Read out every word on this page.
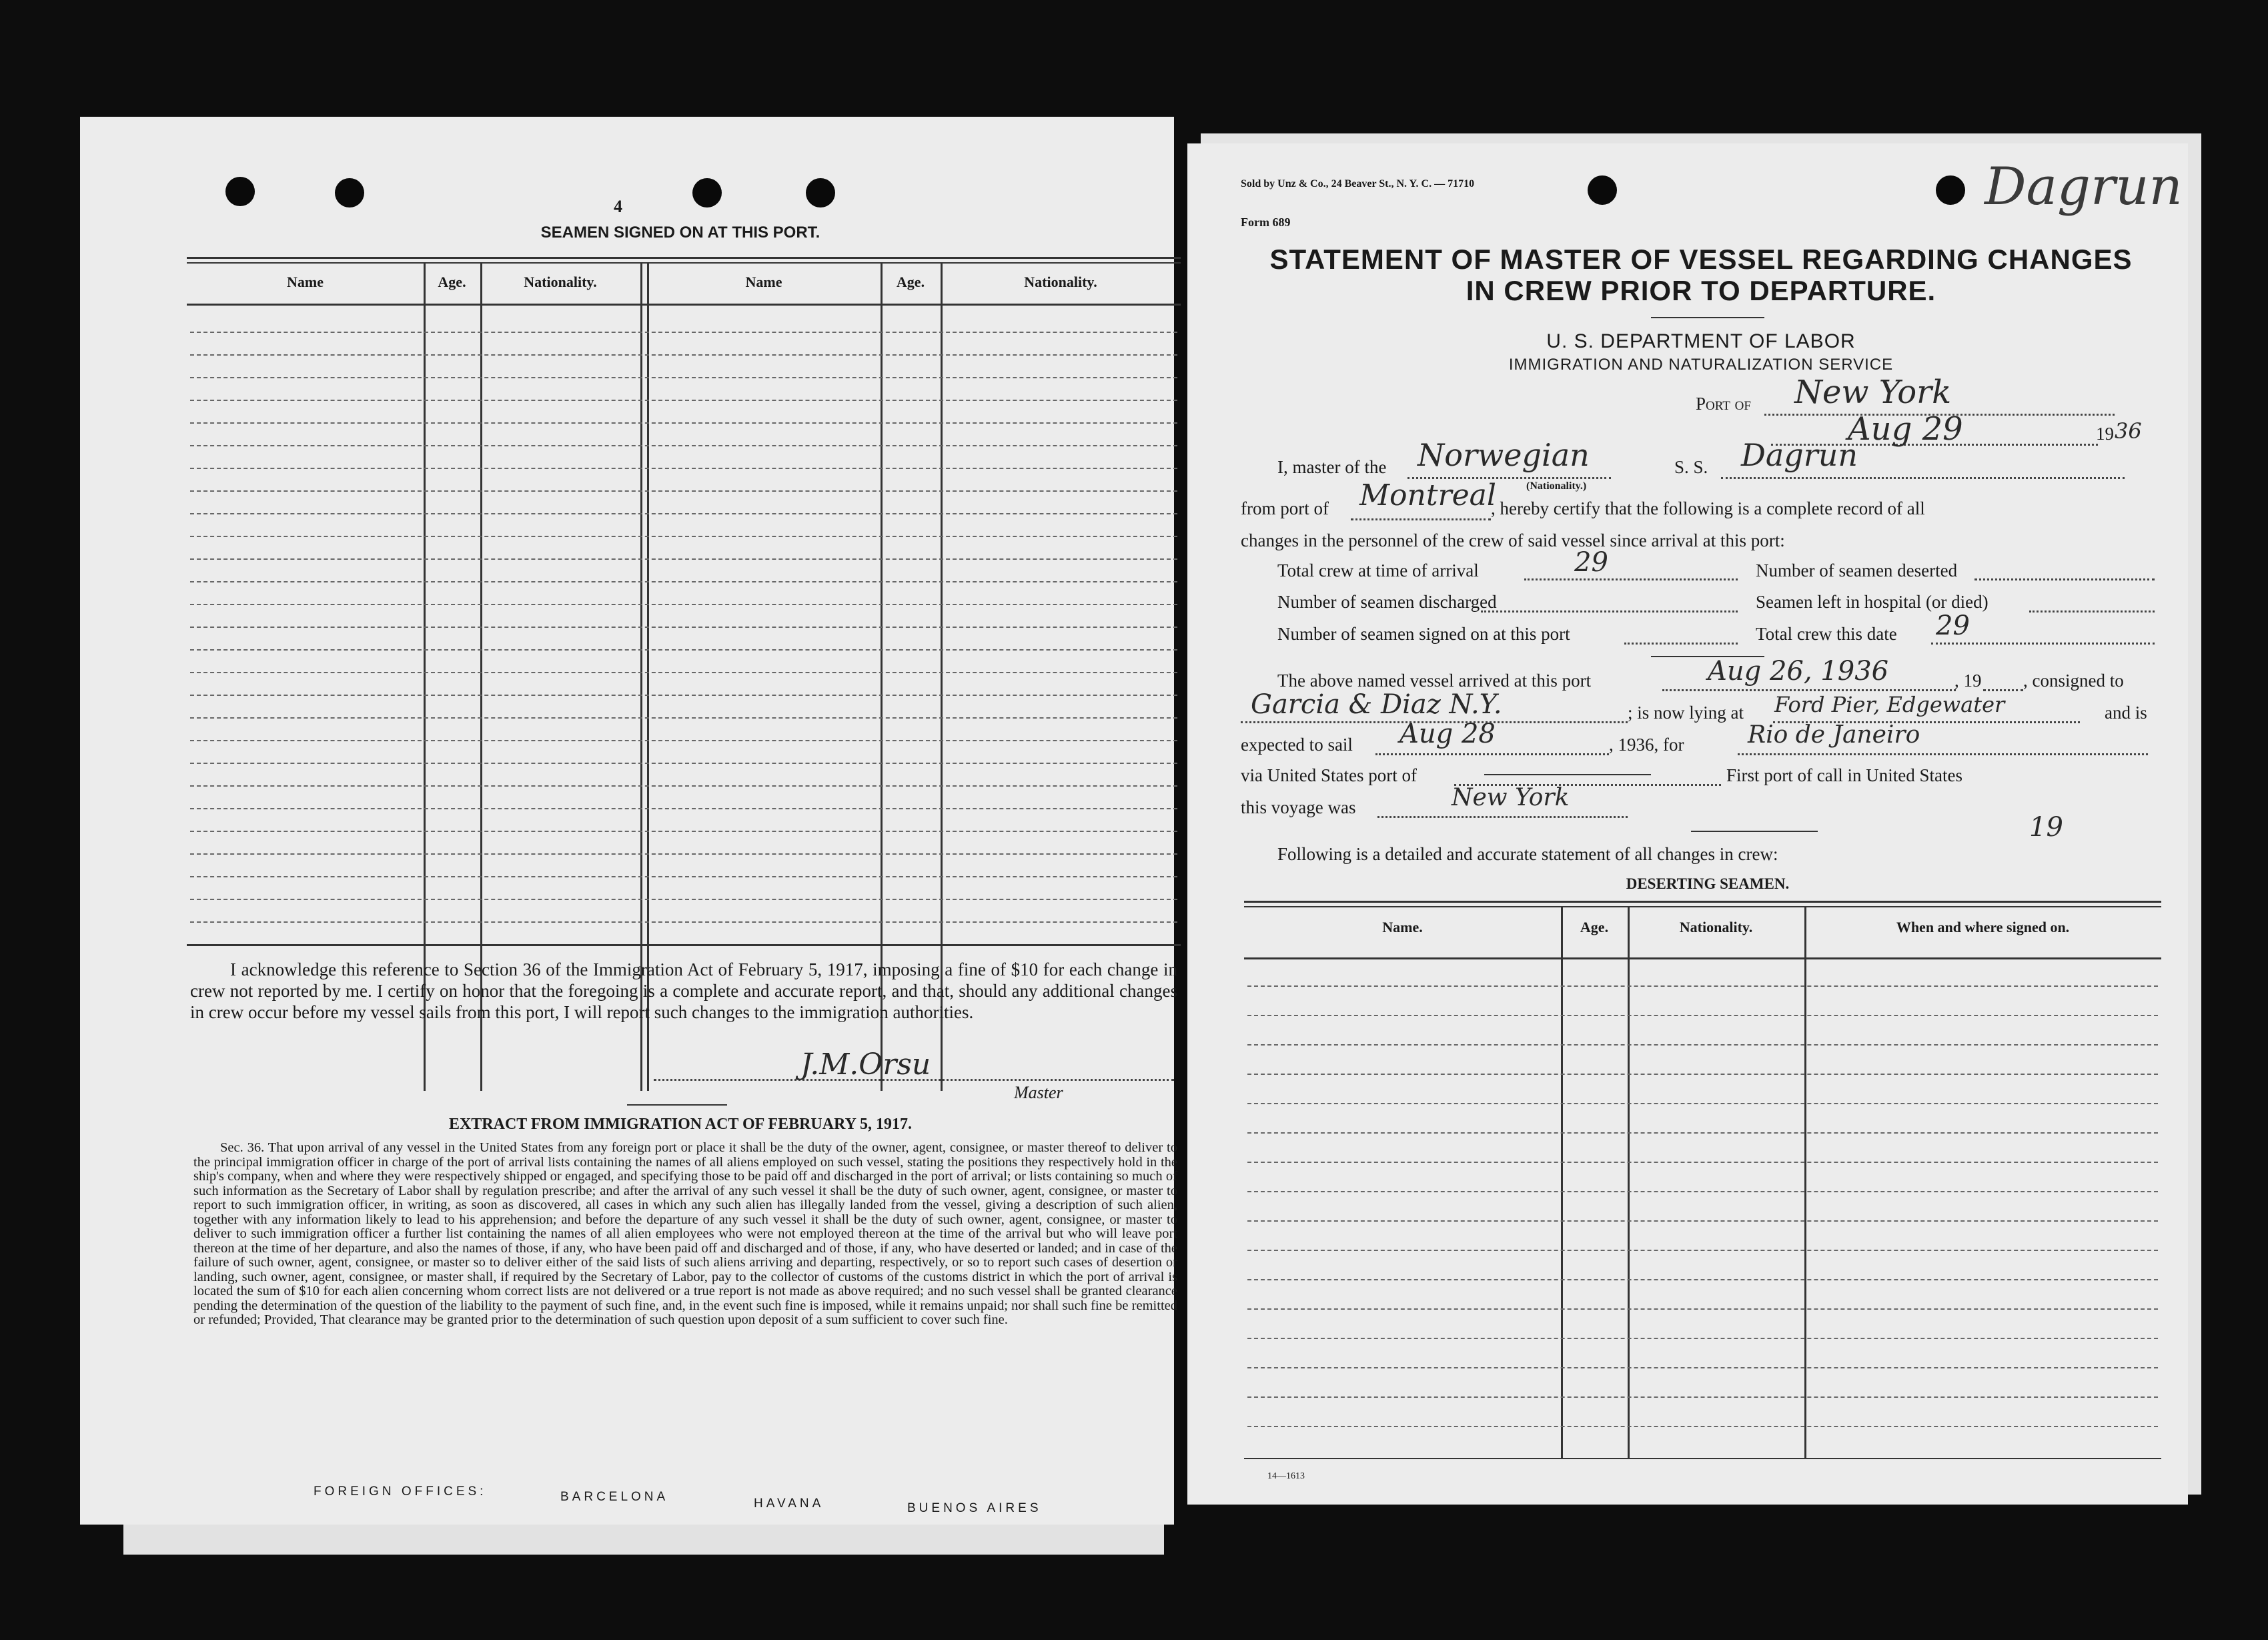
4
SEAMEN SIGNED ON AT THIS PORT.
Name	Age.	Nationality.	Name	Age.	Nationality.
I acknowledge this reference to Section 36 of the Immigration Act of February 5, 1917, imposing a fine of $10 for each change in crew not reported by me. I certify on honor that the foregoing is a complete and accurate report, and that, should any additional changes in crew occur before my vessel sails from this port, I will report such changes to the immigration authorities.
J.M.Orsu
Master
EXTRACT FROM IMMIGRATION ACT OF FEBRUARY 5, 1917.
Sec. 36. That upon arrival of any vessel in the United States from any foreign port or place it shall be the duty of the owner, agent, consignee, or master thereof to deliver to the principal immigration officer in charge of the port of arrival lists containing the names of all aliens employed on such vessel, stating the positions they respectively hold in the ship's company, when and where they were respectively shipped or engaged, and specifying those to be paid off and discharged in the port of arrival; or lists containing so much of such information as the Secretary of Labor shall by regulation prescribe; and after the arrival of any such vessel it shall be the duty of such owner, agent, consignee, or master to report to such immigration officer, in writing, as soon as discovered, all cases in which any such alien has illegally landed from the vessel, giving a description of such alien, together with any information likely to lead to his apprehension; and before the departure of any such vessel it shall be the duty of such owner, agent, consignee, or master to deliver to such immigration officer a further list containing the names of all alien employees who were not employed thereon at the time of the arrival but who will leave port thereon at the time of her departure, and also the names of those, if any, who have been paid off and discharged and of those, if any, who have deserted or landed; and in case of the failure of such owner, agent, consignee, or master so to deliver either of the said lists of such aliens arriving and departing, respectively, or so to report such cases of desertion or landing, such owner, agent, consignee, or master shall, if required by the Secretary of Labor, pay to the collector of customs of the customs district in which the port of arrival is located the sum of $10 for each alien concerning whom correct lists are not delivered or a true report is not made as above required; and no such vessel shall be granted clearance pending the determination of the question of the liability to the payment of such fine, and, in the event such fine is imposed, while it remains unpaid; nor shall such fine be remitted or refunded; Provided, That clearance may be granted prior to the determination of such question upon deposit of a sum sufficient to cover such fine.
FOREIGN OFFICES:	BARCELONA	HAVANA	BUENOS AIRES
Sold by Unz & Co., 24 Beaver St., N. Y. C. — 71710	Dagrun
Form 689
STATEMENT OF MASTER OF VESSEL REGARDING CHANGES
IN CREW PRIOR TO DEPARTURE.
U. S. DEPARTMENT OF LABOR
IMMIGRATION AND NATURALIZATION SERVICE
Port of New York
Aug 29	19 36
I, master of the Norwegian
(Nationality.)
S. S. Dagrun
from port of Montreal
, hereby certify that the following is a complete record of all
changes in the personnel of the crew of said vessel since arrival at this port:
Total crew at time of arrival	29	Number of seamen deserted
Number of seamen discharged	Seamen left in hospital (or died)
Number of seamen signed on at this port	Total crew this date 29
The above named vessel arrived at this port	Aug 26, 1936	, 19 , consigned to
Garcia & Diaz N.Y.	; is now lying at Ford Pier, Edgewater	and is
expected to sail Aug 28	, 1936, for	Rio de Janeiro
via United States port of	First port of call in United States
this voyage was	New York
19
Following is a detailed and accurate statement of all changes in crew:
DESERTING SEAMEN.
Name.	Age.	Nationality.	When and where signed on.
14—1613
